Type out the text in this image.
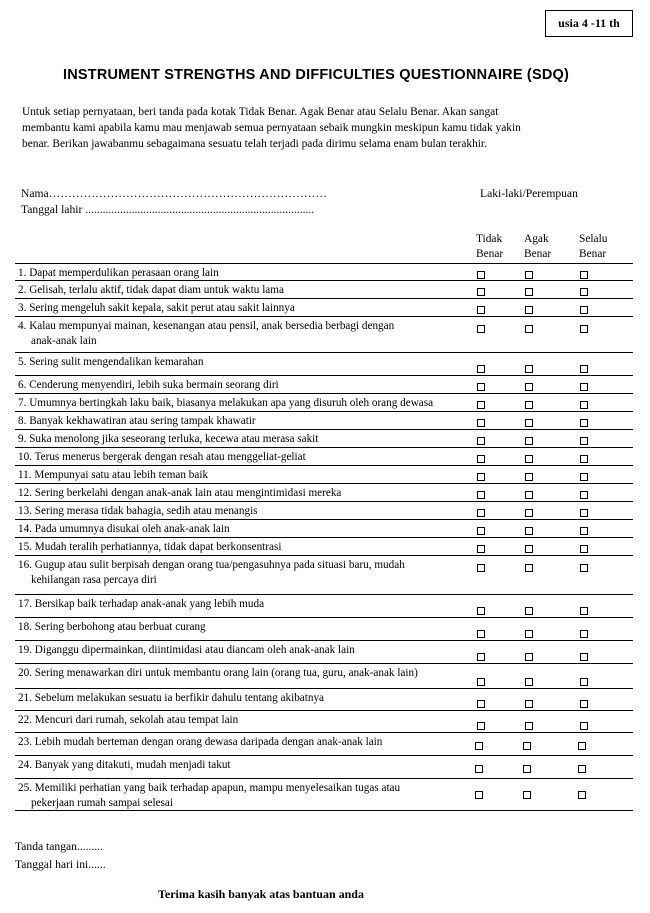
usia 4 -11 th
INSTRUMENT STRENGTHS AND DIFFICULTIES QUESTIONNAIRE (SDQ)
Untuk setiap pernyataan, beri tanda pada kotak Tidak Benar. Agak Benar atau Selalu Benar. Akan sangat
membantu kami apabila kamu mau menjawab semua pernyataan sebaik mungkin meskipun kamu tidak yakin
benar. Berikan jawabanmu sebagaimana sesuatu telah terjadi pada dirimu selama enam bulan terakhir.
Nama………………………………………………………………
Tanggal lahir ...............................................................................
Laki-laki/Perempuan
Tidak
Benar
Agak
Benar
Selalu
Benar
1. Dapat memperdulikan perasaan orang lain
2. Gelisah, terlalu aktif, tidak dapat diam untuk waktu lama
3. Sering mengeluh sakit kepala, sakit perut atau sakit lainnya
4. Kalau mempunyai mainan, kesenangan atau pensil, anak bersedia berbagi dengan
anak-anak lain
5. Sering sulit mengendalikan kemarahan
6. Cenderung menyendiri, lebih suka bermain seorang diri
7. Umumnya bertingkah laku baik, biasanya melakukan apa yang disuruh oleh orang dewasa
8. Banyak kekhawatiran atau sering tampak khawatir
9. Suka menolong jika seseorang terluka, kecewa atau merasa sakit
10. Terus menerus bergerak dengan resah atau menggeliat-geliat
11. Mempunyai satu atau lebih teman baik
12. Sering berkelahi dengan anak-anak lain atau mengintimidasi mereka
13. Sering merasa tidak bahagia, sedih atau menangis
14. Pada umumnya disukai oleh anak-anak lain
15. Mudah teralih perhatiannya, tidak dapat berkonsentrasi
16. Gugup atau sulit berpisah dengan orang tua/pengasuhnya pada situasi baru, mudah
kehilangan rasa percaya diri
17. Bersikap baik terhadap anak-anak yang lebih muda
18. Sering berbohong atau berbuat curang
19. Diganggu dipermainkan, diintimidasi atau diancam oleh anak-anak lain
20. Sering menawarkan diri untuk membantu orang lain (orang tua, guru, anak-anak lain)
21. Sebelum melakukan sesuatu ia berfikir dahulu tentang akibatnya
22. Mencuri dari rumah, sekolah atau tempat lain
23. Lebih mudah berteman dengan orang dewasa daripada dengan anak-anak lain
24. Banyak yang ditakuti, mudah menjadi takut
25. Memiliki perhatian yang baik terhadap apapun, mampu menyelesaikan tugas atau
pekerjaan rumah sampai selesai
Tanda tangan.........
Tanggal hari ini......
Terima kasih banyak atas bantuan anda
